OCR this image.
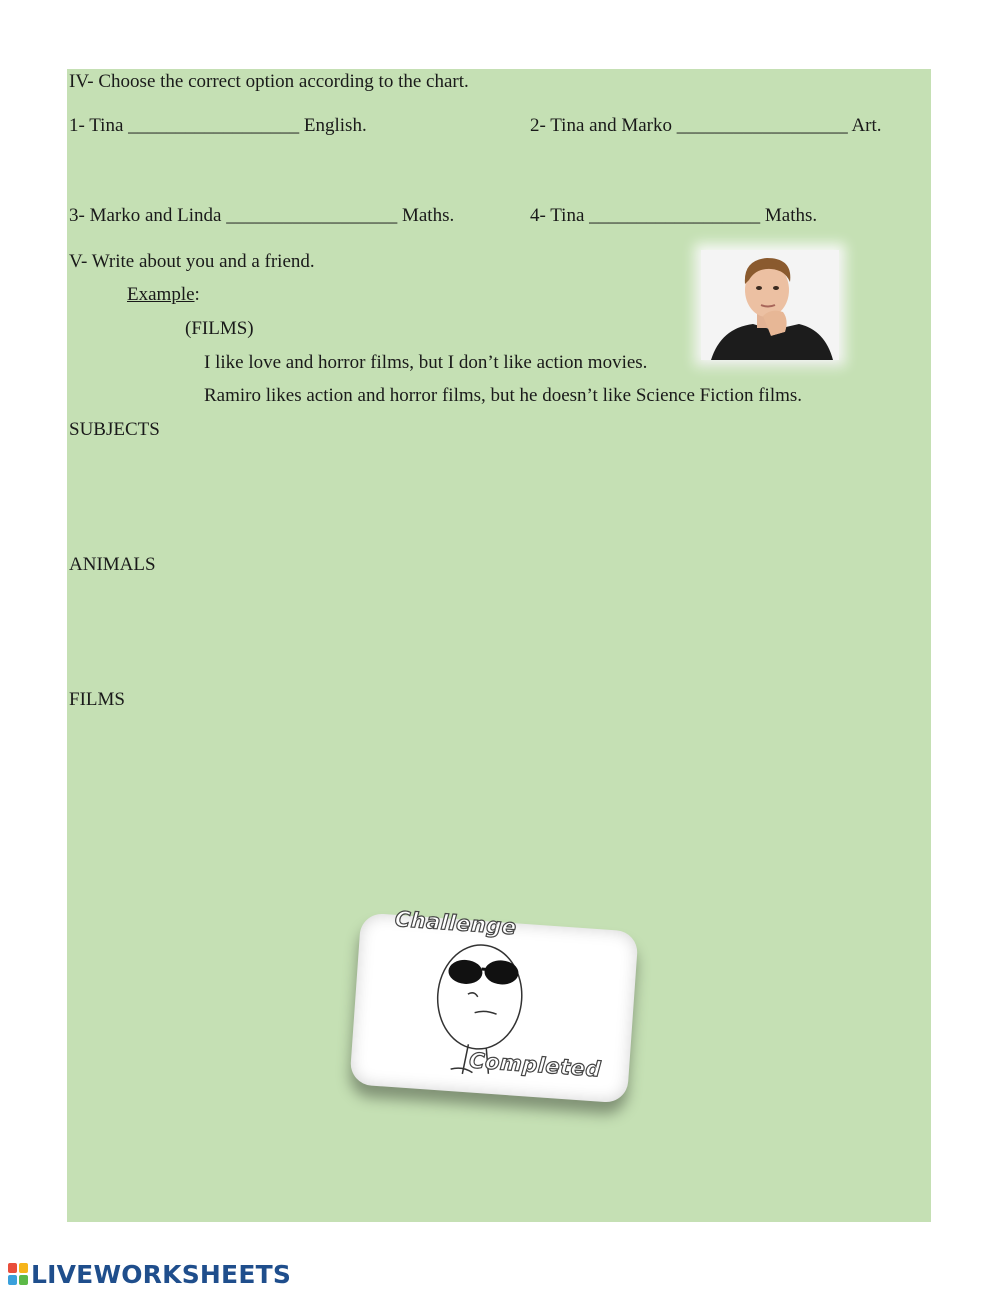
IV- Choose the correct option according to the chart.
1- Tina __________________ English.	2- Tina and Marko __________________ Art.
3- Marko and Linda __________________ Maths.	4- Tina __________________ Maths.
V- Write about you and a friend.
Example:
(FILMS)
I like love and horror films, but I don’t like action movies.
Ramiro likes action and horror films, but he doesn’t like Science Fiction films.
SUBJECTS
ANIMALS
FILMS
Challenge
Completed
LIVEWORKSHEETS
